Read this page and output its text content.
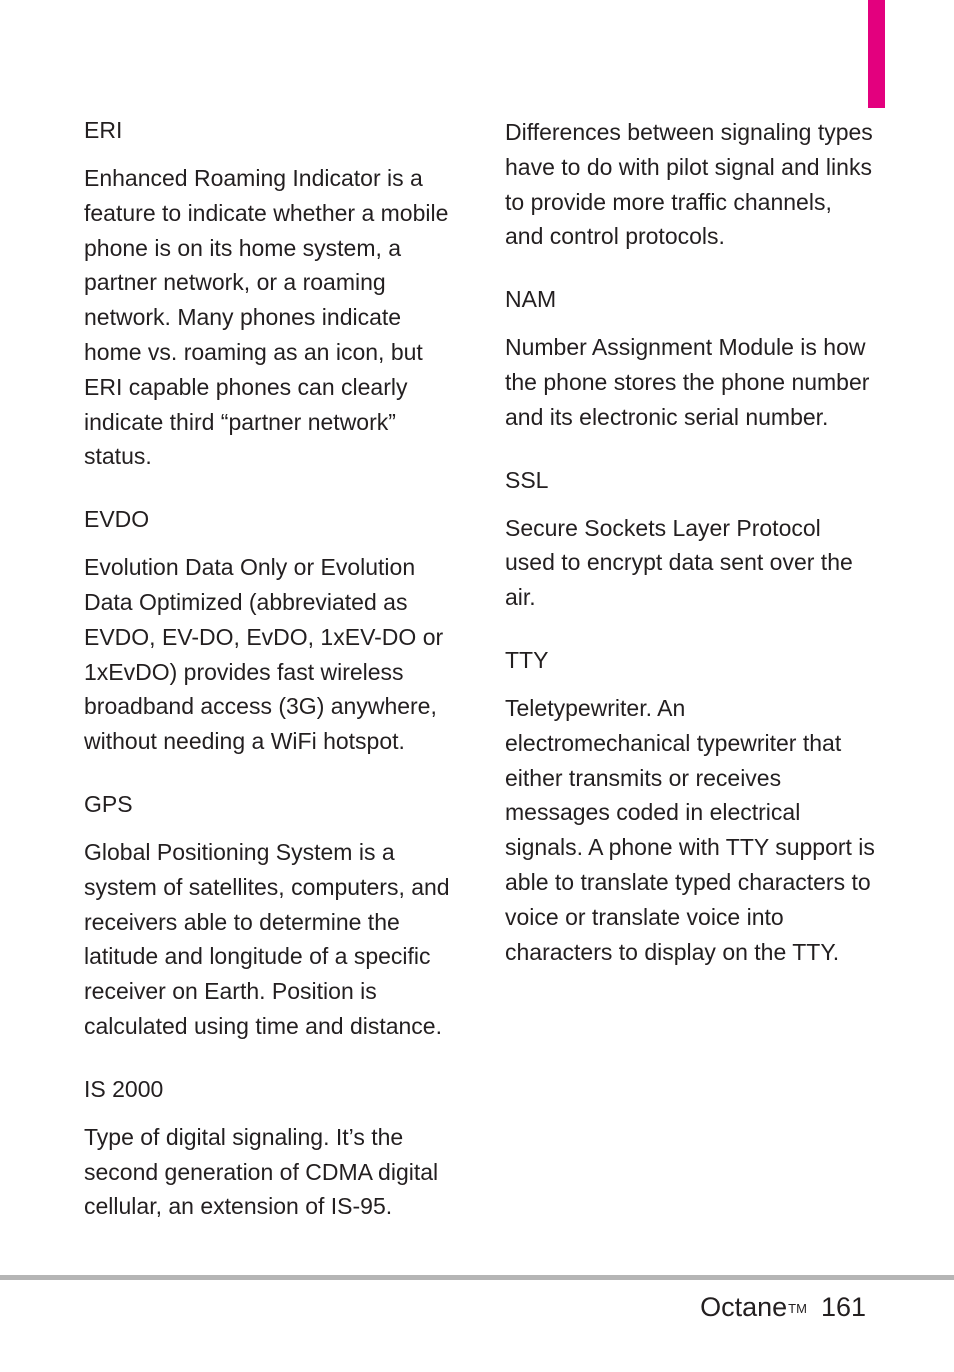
ERI

Enhanced Roaming Indicator is a feature to indicate whether a mobile phone is on its home system, a partner network, or a roaming network. Many phones indicate home vs. roaming as an icon, but ERI capable phones can clearly indicate third “partner network” status.

EVDO

Evolution Data Only or Evolution Data Optimized (abbreviated as EVDO, EV-DO, EvDO, 1xEV-DO or 1xEvDO) provides fast wireless broadband access (3G) anywhere, without needing a WiFi hotspot.

GPS

Global Positioning System is a system of satellites, computers, and receivers able to determine the latitude and longitude of a specific receiver on Earth. Position is calculated using time and distance.

IS 2000

Type of digital signaling. It’s the second generation of CDMA digital cellular, an extension of IS-95.

Differences between signaling types have to do with pilot signal and links to provide more traffic channels, and control protocols.

NAM

Number Assignment Module is how the phone stores the phone number and its electronic serial number.

SSL

Secure Sockets Layer Protocol used to encrypt data sent over the air.

TTY

Teletypewriter. An electromechanical typewriter that either transmits or receives messages coded in electrical signals. A phone with TTY support is able to translate typed characters to voice or translate voice into characters to display on the TTY.

Octane™ 161
